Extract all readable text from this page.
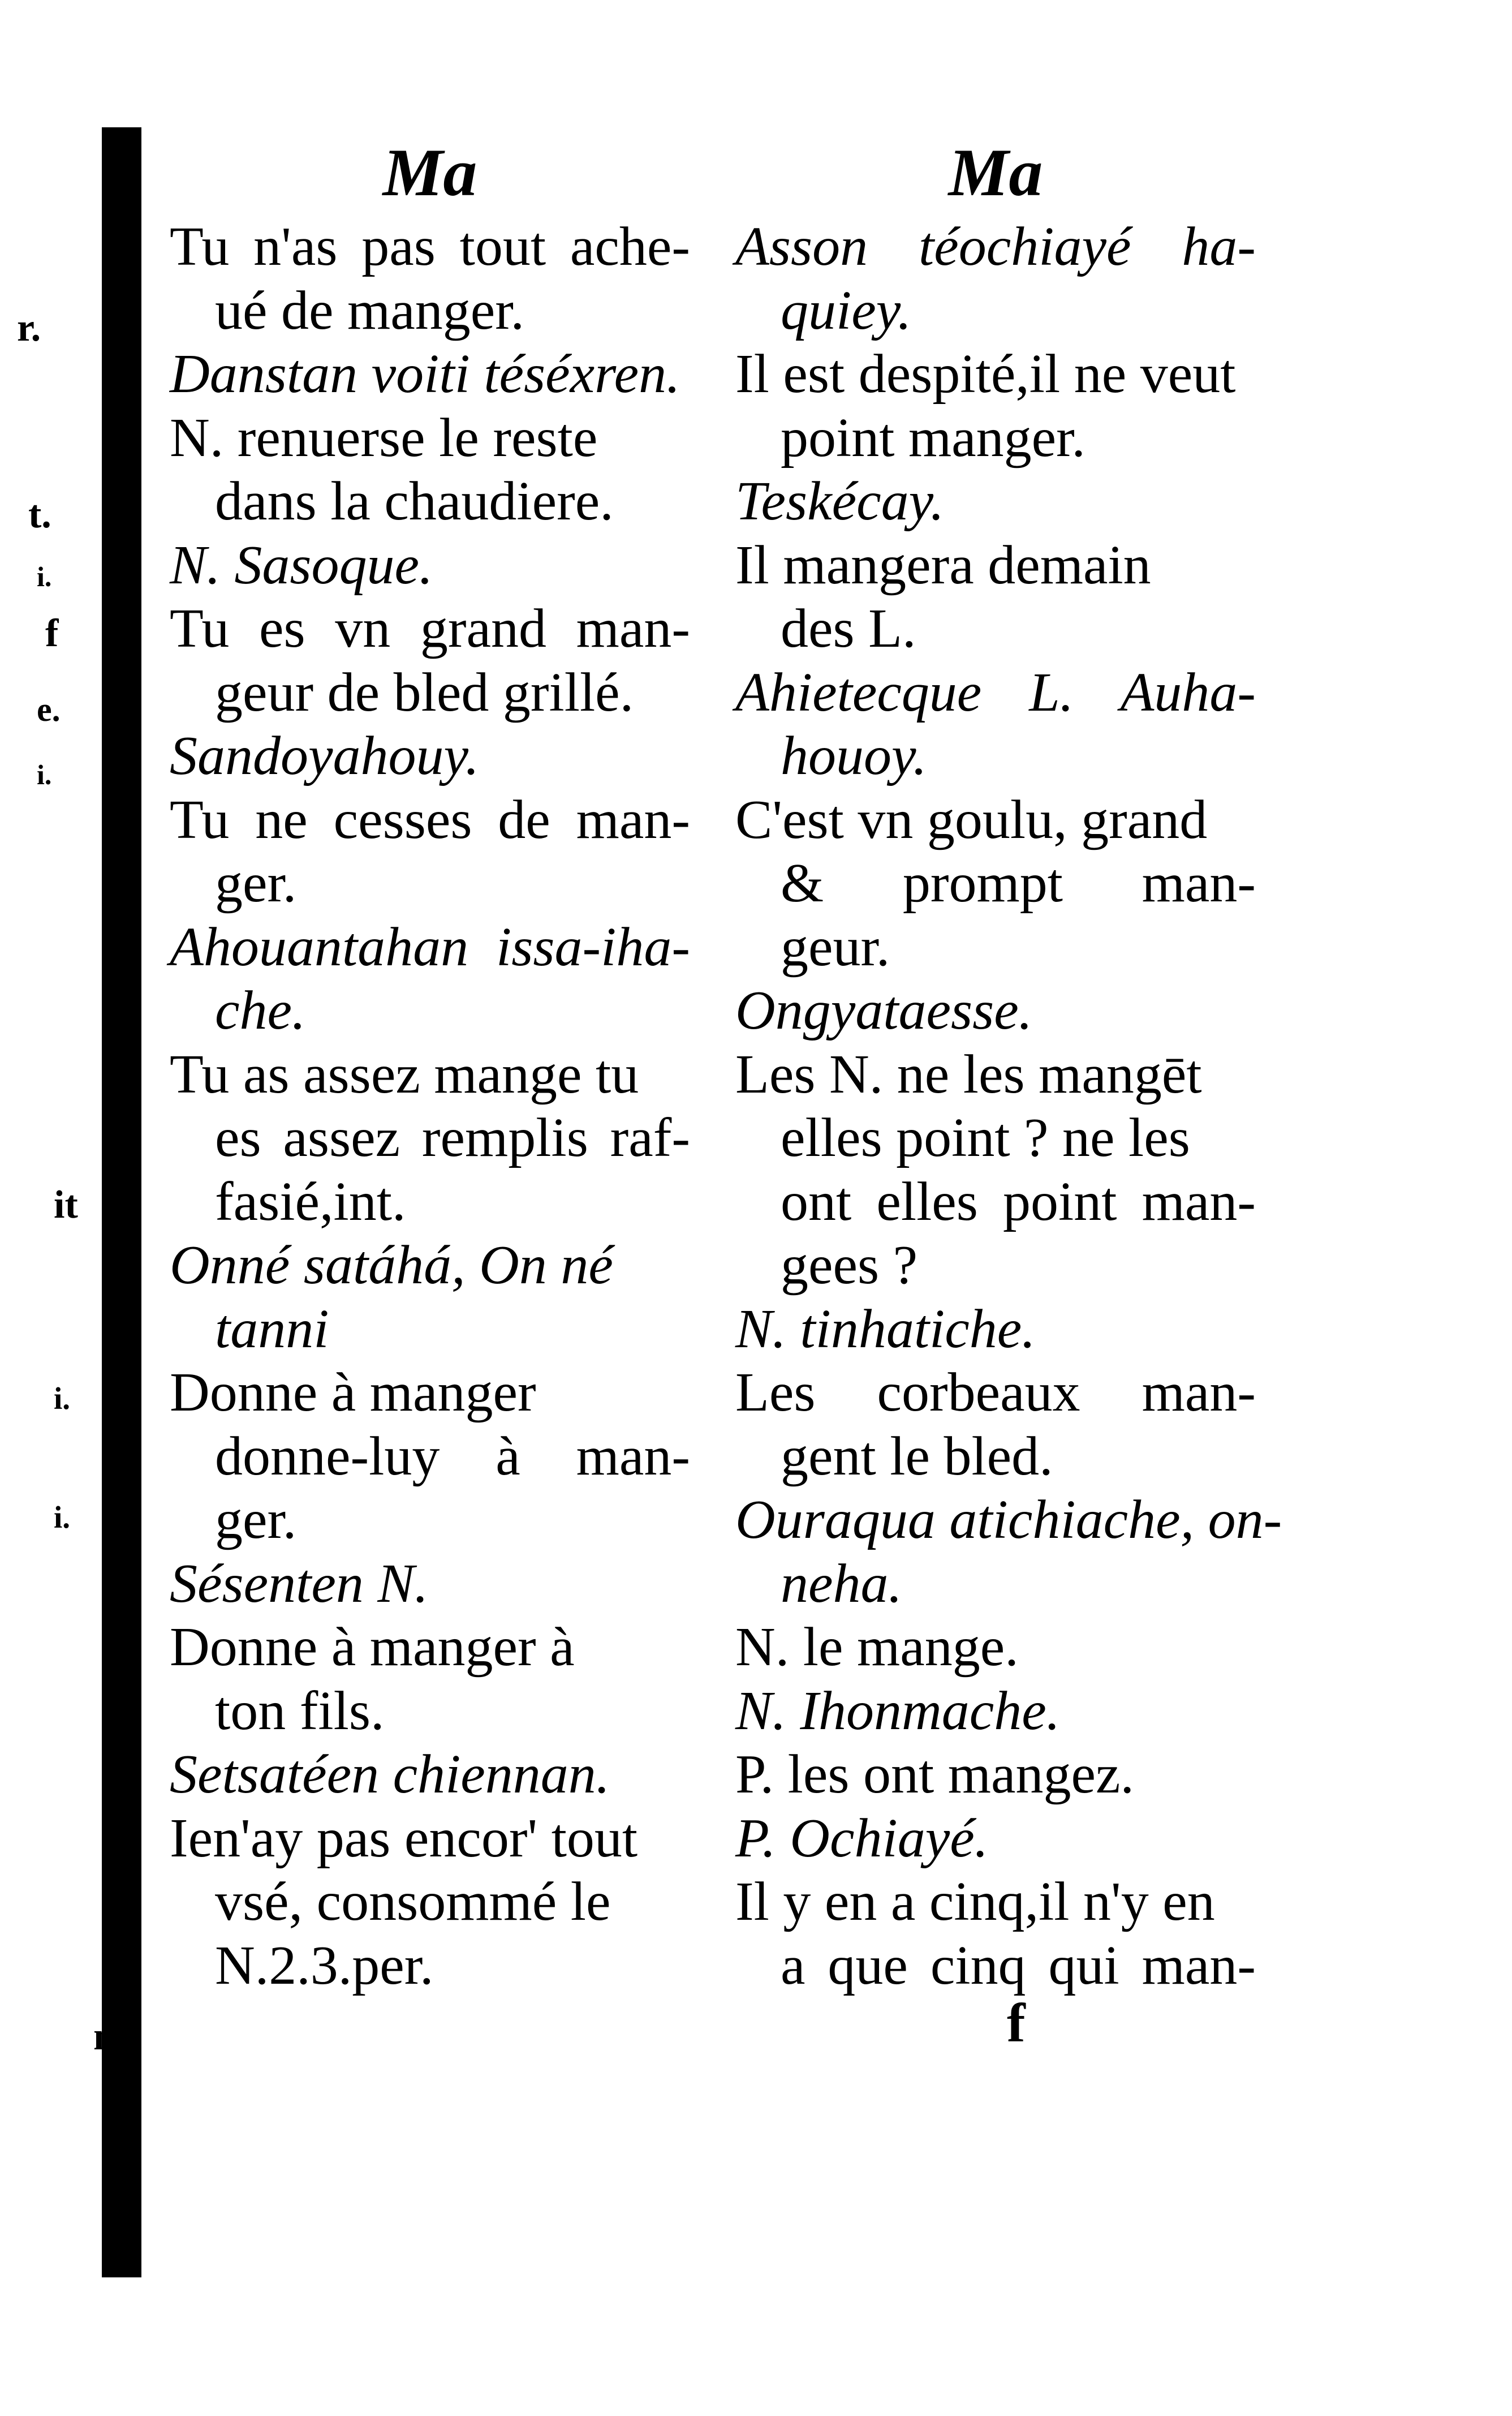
r.
t.
i.
f
e.
i.
it
i.
i.
n
Ma
Tu n'as pas tout ache-
ué de manger.
Danstan voiti téséxren.
N. renuerse le reste
dans la chaudiere.
N. Sasoque.
Tu es vn grand man-
geur de bled grillé.
Sandoyahouy.
Tu ne cesses de man-
ger.
Ahouantahan issa-iha-
che.
Tu as assez mange tu
es assez remplis raf-
fasié,int.
Onné satáhá, On né
tanni
Donne à manger
donne-luy à man-
ger.
Sésenten N.
Donne à manger à
ton fils.
Setsatéen chiennan.
Ien'ay pas encor' tout
vsé, consommé le
N.2.3.per.
Ma
Asson téochiayé ha-
quiey.
Il est despité,il ne veut
point manger.
Teskécay.
Il mangera demain
des L.
Ahietecque L. Auha-
houoy.
C'est vn goulu, grand
& prompt man-
geur.
Ongyataesse.
Les N. ne les mangēt
elles point ? ne les
ont elles point man-
gees ?
N. tinhatiche.
Les corbeaux man-
gent le bled.
Ouraqua atichiache, on-
neha.
N. le mange.
N. Ihonmache.
P. les ont mangez.
P. Ochiayé.
Il y en a cinq,il n'y en
a que cinq qui man-
f
